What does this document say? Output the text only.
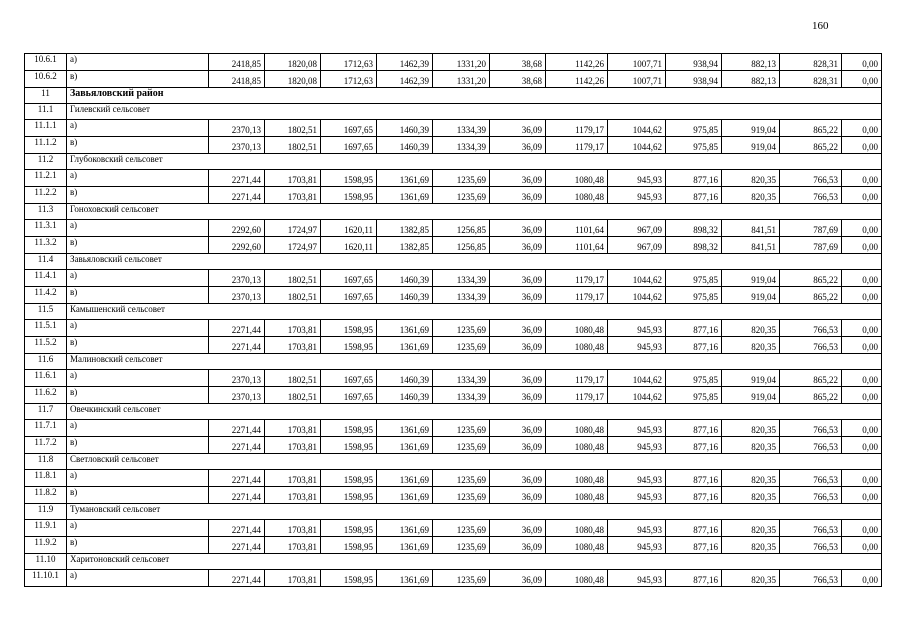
160
10.6.1	а)	2418,85	1820,08	1712,63	1462,39	1331,20	38,68	1142,26	1007,71	938,94	882,13	828,31	0,00
10.6.2	в)	2418,85	1820,08	1712,63	1462,39	1331,20	38,68	1142,26	1007,71	938,94	882,13	828,31	0,00
11	Завьяловский район												
11.1	Гилевский сельсовет												
11.1.1	а)	2370,13	1802,51	1697,65	1460,39	1334,39	36,09	1179,17	1044,62	975,85	919,04	865,22	0,00
11.1.2	в)	2370,13	1802,51	1697,65	1460,39	1334,39	36,09	1179,17	1044,62	975,85	919,04	865,22	0,00
11.2	Глубоковский сельсовет												
11.2.1	а)	2271,44	1703,81	1598,95	1361,69	1235,69	36,09	1080,48	945,93	877,16	820,35	766,53	0,00
11.2.2	в)	2271,44	1703,81	1598,95	1361,69	1235,69	36,09	1080,48	945,93	877,16	820,35	766,53	0,00
11.3	Гоноховский сельсовет												
11.3.1	а)	2292,60	1724,97	1620,11	1382,85	1256,85	36,09	1101,64	967,09	898,32	841,51	787,69	0,00
11.3.2	в)	2292,60	1724,97	1620,11	1382,85	1256,85	36,09	1101,64	967,09	898,32	841,51	787,69	0,00
11.4	Завьяловский сельсовет												
11.4.1	а)	2370,13	1802,51	1697,65	1460,39	1334,39	36,09	1179,17	1044,62	975,85	919,04	865,22	0,00
11.4.2	в)	2370,13	1802,51	1697,65	1460,39	1334,39	36,09	1179,17	1044,62	975,85	919,04	865,22	0,00
11.5	Камышенский сельсовет												
11.5.1	а)	2271,44	1703,81	1598,95	1361,69	1235,69	36,09	1080,48	945,93	877,16	820,35	766,53	0,00
11.5.2	в)	2271,44	1703,81	1598,95	1361,69	1235,69	36,09	1080,48	945,93	877,16	820,35	766,53	0,00
11.6	Малиновский сельсовет												
11.6.1	а)	2370,13	1802,51	1697,65	1460,39	1334,39	36,09	1179,17	1044,62	975,85	919,04	865,22	0,00
11.6.2	в)	2370,13	1802,51	1697,65	1460,39	1334,39	36,09	1179,17	1044,62	975,85	919,04	865,22	0,00
11.7	Овечкинский сельсовет												
11.7.1	а)	2271,44	1703,81	1598,95	1361,69	1235,69	36,09	1080,48	945,93	877,16	820,35	766,53	0,00
11.7.2	в)	2271,44	1703,81	1598,95	1361,69	1235,69	36,09	1080,48	945,93	877,16	820,35	766,53	0,00
11.8	Светловский сельсовет												
11.8.1	а)	2271,44	1703,81	1598,95	1361,69	1235,69	36,09	1080,48	945,93	877,16	820,35	766,53	0,00
11.8.2	в)	2271,44	1703,81	1598,95	1361,69	1235,69	36,09	1080,48	945,93	877,16	820,35	766,53	0,00
11.9	Тумановский сельсовет												
11.9.1	а)	2271,44	1703,81	1598,95	1361,69	1235,69	36,09	1080,48	945,93	877,16	820,35	766,53	0,00
11.9.2	в)	2271,44	1703,81	1598,95	1361,69	1235,69	36,09	1080,48	945,93	877,16	820,35	766,53	0,00
11.10	Харитоновский сельсовет												
11.10.1	а)	2271,44	1703,81	1598,95	1361,69	1235,69	36,09	1080,48	945,93	877,16	820,35	766,53	0,00
